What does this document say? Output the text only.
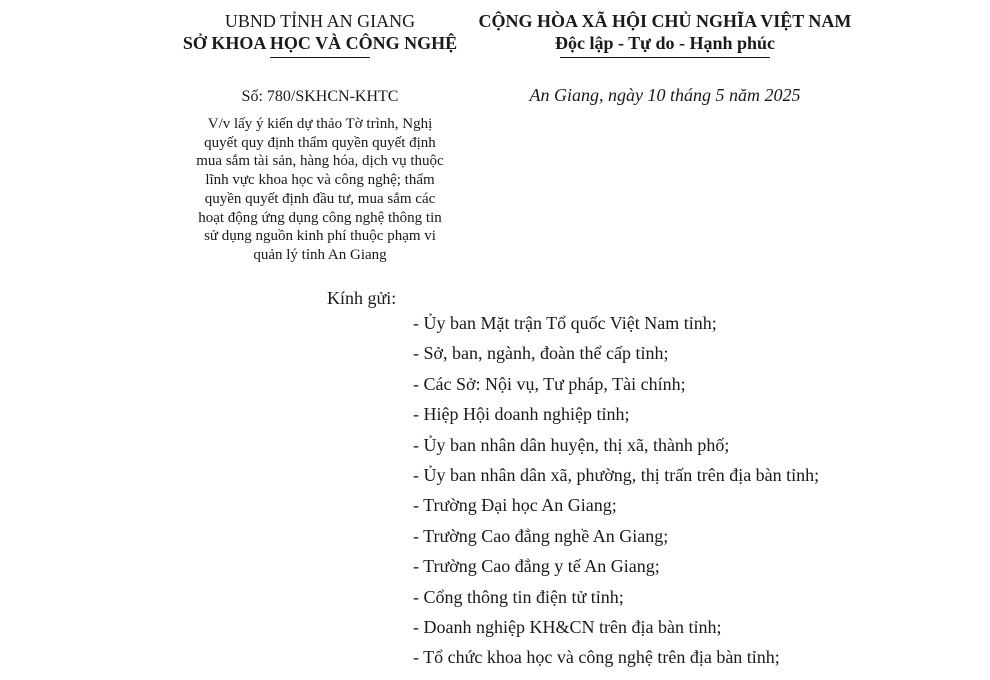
UBND TỈNH AN GIANG
SỞ KHOA HỌC VÀ CÔNG NGHỆ
Số: 780/SKHCN-KHTC
V/v lấy ý kiến dự thảo Tờ trình, Nghị
quyết quy định thẩm quyền quyết định
mua sắm tài sản, hàng hóa, dịch vụ thuộc
lĩnh vực khoa học và công nghệ; thẩm
quyền quyết định đầu tư, mua sắm các
hoạt động ứng dụng công nghệ thông tin
sử dụng nguồn kinh phí thuộc phạm vi
quản lý tỉnh An Giang
CỘNG HÒA XÃ HỘI CHỦ NGHĨA VIỆT NAM
Độc lập - Tự do - Hạnh phúc
An Giang, ngày 10 tháng 5 năm 2025
Kính gửi:
- Ủy ban Mặt trận Tổ quốc Việt Nam tỉnh;
- Sở, ban, ngành, đoàn thể cấp tỉnh;
- Các Sở: Nội vụ, Tư pháp, Tài chính;
- Hiệp Hội doanh nghiệp tỉnh;
- Ủy ban nhân dân huyện, thị xã, thành phố;
- Ủy ban nhân dân xã, phường, thị trấn trên địa bàn tỉnh;
- Trường Đại học An Giang;
- Trường Cao đẳng nghề An Giang;
- Trường Cao đẳng y tế An Giang;
- Cổng thông tin điện tử tỉnh;
- Doanh nghiệp KH&CN trên địa bàn tỉnh;
- Tổ chức khoa học và công nghệ trên địa bàn tỉnh;
